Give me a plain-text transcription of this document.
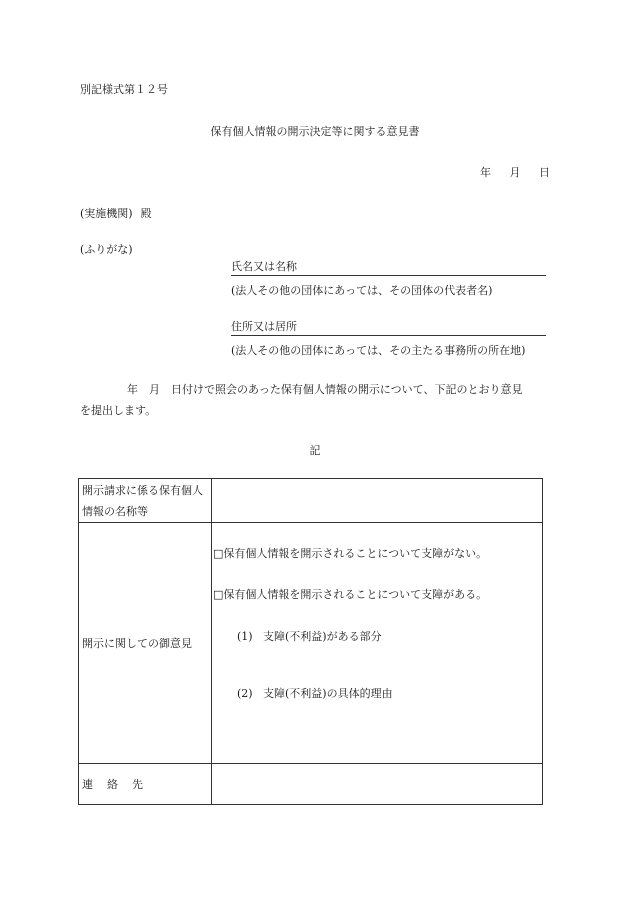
別記様式第１２号
保有個人情報の開示決定等に関する意見書
年 月 日
(実施機関) 殿
(ふりがな)
氏名又は名称
(法人その他の団体にあっては、その団体の代表者名)
住所又は居所
(法人その他の団体にあっては、その主たる事務所の所在地)
年　月　日付けで照会のあった保有個人情報の開示について、下記のとおり意見
を提出します。
記
開示請求に係る保有個人情報の名称等	
開示に関しての御意見	□保有個人情報を開示されることについて支障がない。
□保有個人情報を開示されることについて支障がある。
(1) 支障(不利益)がある部分
(2) 支障(不利益)の具体的理由

連絡先	
